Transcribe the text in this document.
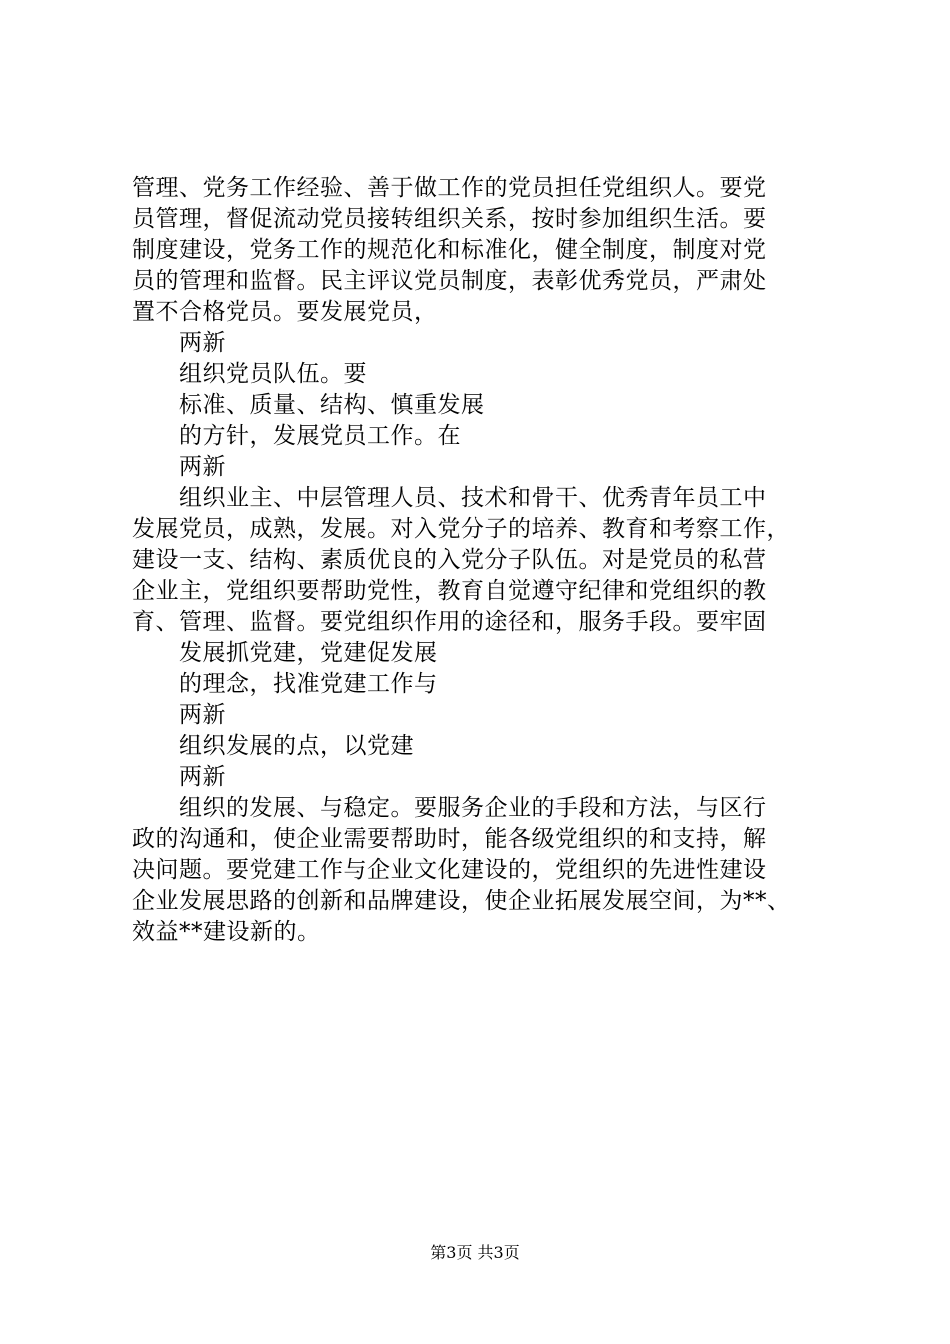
管理、党务工作经验、善于做工作的党员担任党组织人。要党
员管理，督促流动党员接转组织关系，按时参加组织生活。要
制度建设，党务工作的规范化和标准化，健全制度，制度对党
员的管理和监督。民主评议党员制度，表彰优秀党员，严肃处
置不合格党员。要发展党员，
两新
组织党员队伍。要
标准、质量、结构、慎重发展
的方针，发展党员工作。在
两新
组织业主、中层管理人员、技术和骨干、优秀青年员工中
发展党员，成熟，发展。对入党分子的培养、教育和考察工作，
建设一支、结构、素质优良的入党分子队伍。对是党员的私营
企业主，党组织要帮助党性，教育自觉遵守纪律和党组织的教
育、管理、监督。要党组织作用的途径和，服务手段。要牢固
发展抓党建，党建促发展
的理念，找准党建工作与
两新
组织发展的点，以党建
两新
组织的发展、与稳定。要服务企业的手段和方法，与区行
政的沟通和，使企业需要帮助时，能各级党组织的和支持，解
决问题。要党建工作与企业文化建设的，党组织的先进性建设
企业发展思路的创新和品牌建设，使企业拓展发展空间，为**、
效益**建设新的。
第3页 共3页
